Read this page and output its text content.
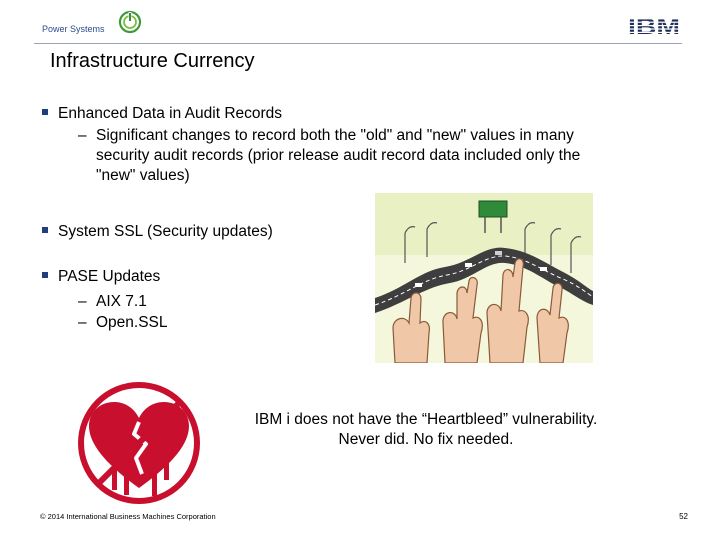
Power Systems
Infrastructure Currency
Enhanced Data in Audit Records
– Significant changes to record both the "old" and "new" values in many security audit records (prior release audit record data included only the "new" values)
System SSL (Security updates)
PASE Updates
– AIX 7.1
– Open.SSL
IBM i does not have the “Heartbleed” vulnerability.
Never did. No fix needed.
© 2014 International Business Machines Corporation	52
